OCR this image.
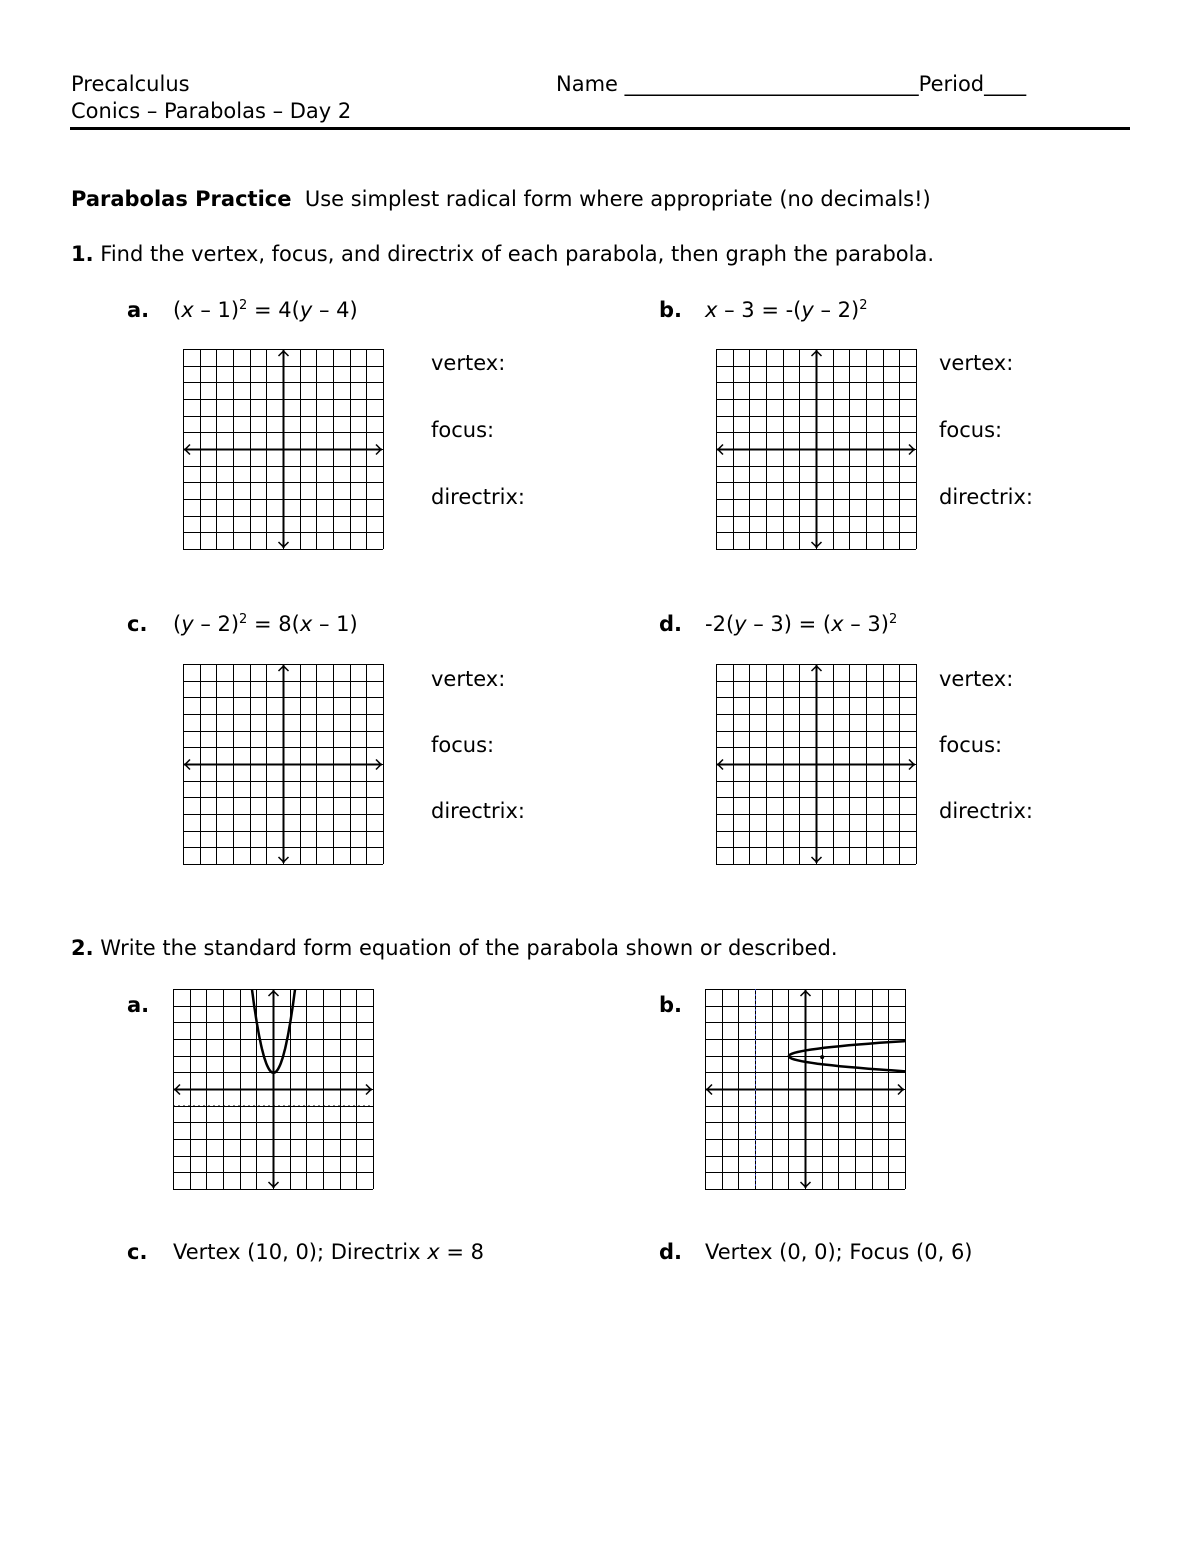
Precalculus
Conics – Parabolas – Day 2
Name ____________________________Period____
Parabolas Practice Use simplest radical form where appropriate (no decimals!)
1. Find the vertex, focus, and directrix of each parabola, then graph the parabola.
a. (x – 1)$^2$ = 4(y – 4)
vertex:
focus:
directrix:
b. x – 3 = -(y – 2)$^2$
vertex:
focus:
directrix:
c. (y – 2)$^2$ = 8(x – 1)
vertex:
focus:
directrix:
d. -2(y – 3) = (x – 3)$^2$
vertex:
focus:
directrix:
2. Write the standard form equation of the parabola shown or described.
a.	b.
c. Vertex (10, 0); Directrix x = 8	d. Vertex (0, 0); Focus (0, 6)
